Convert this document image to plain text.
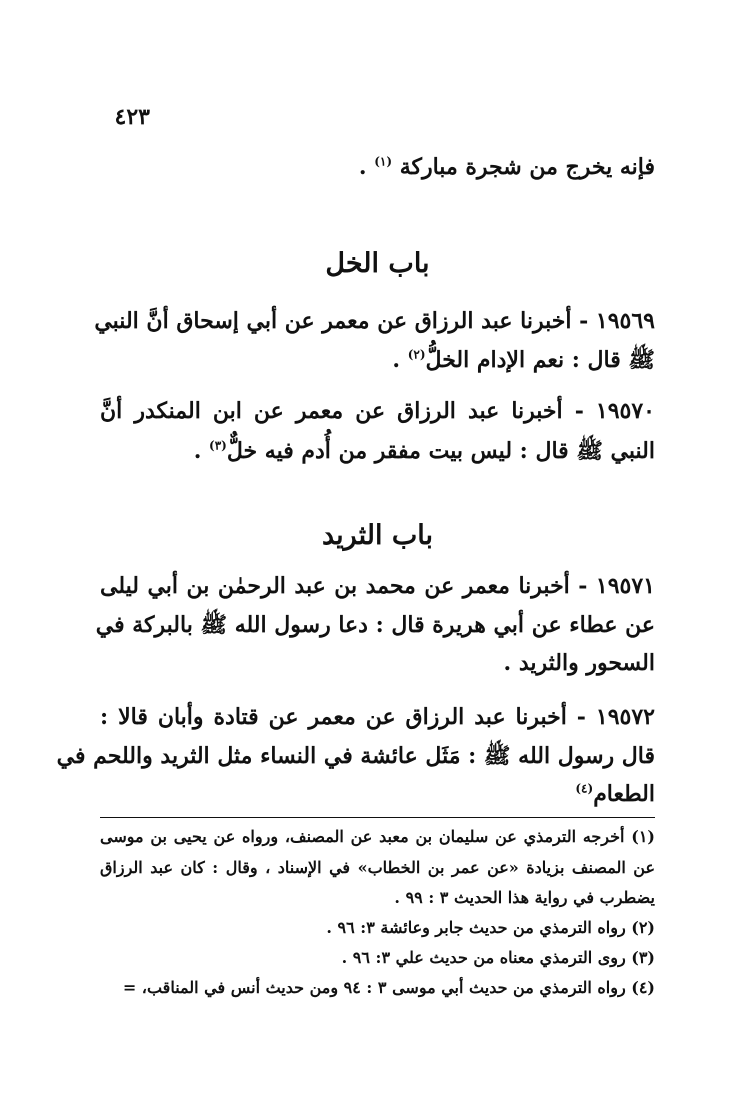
٤٢٣
فإنه يخرج من شجرة مباركة $^{(١)}$ .
باب الخل
١٩٥٦٩ - أخبرنا عبد الرزاق عن معمر عن أبي إسحاق أنَّ النبي
ﷺ قال : نعم الإدام الخلُّ$^{(٢)}$ .
١٩٥٧٠ - أخبرنا عبد الرزاق عن معمر عن ابن المنكدر أنَّ
النبي ﷺ قال : ليس بيت مفقر من أُدم فيه خلٌّ$^{(٣)}$ .
باب الثريد
١٩٥٧١ - أخبرنا معمر عن محمد بن عبد الرحمٰن بن أبي ليلى
عن عطاء عن أبي هريرة قال : دعا رسول الله ﷺ بالبركة في
السحور والثريد .
١٩٥٧٢ - أخبرنا عبد الرزاق عن معمر عن قتادة وأبان قالا :
قال رسول الله ﷺ : مَثَل عائشة في النساء مثل الثريد واللحم في
الطعام$^{(٤)}$
(١) أخرجه الترمذي عن سليمان بن معبد عن المصنف، ورواه عن يحيى بن موسى
عن المصنف بزيادة «عن عمر بن الخطاب» في الإسناد ، وقال : كان عبد الرزاق
يضطرب في رواية هذا الحديث ٣ : ٩٩ .
(٢) رواه الترمذي من حديث جابر وعائشة ٣: ٩٦ .
(٣) روى الترمذي معناه من حديث علي ٣: ٩٦ .
(٤) رواه الترمذي من حديث أبي موسى ٣ : ٩٤ ومن حديث أنس في المناقب، =
